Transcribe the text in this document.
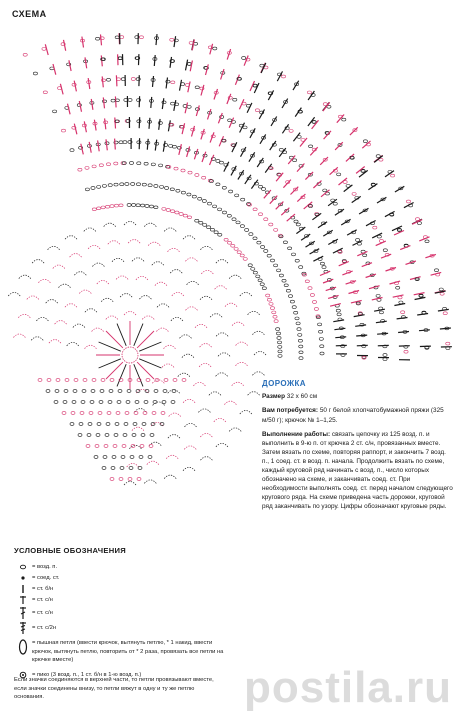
СХЕМА
ДОРОЖКА

Размер 32 х 60 см

Вам потребуется: 50 г белой хлопчатобумажной пряжи (325 м/50 г); крючок № 1–1,25.

Выполнение работы: связать цепочку из 125 возд. п. и выполнить в 9-ю п. от крючка 2 ст. с/н, провязанных вместе. Затем вязать по схеме, повторяя раппорт, и закончить 7 возд. п., 1 соед. ст. в возд. п. начала. Продолжить вязать по схеме, каждый круговой ряд начинать с возд. п., число которых обозначено на схеме, и заканчивать соед. ст. При необходимости выполнять соед. ст. перед началом следующего кругового ряда. На схеме приведена часть дорожки, круговой ряд заканчивать по узору. Цифры обозначают круговые ряды.

УСЛОВНЫЕ ОБОЗНАЧЕНИЯ
= возд. п.
= соед. ст.
= ст. б/н
= ст. с/н
= ст. с/н
= ст. с/2н
= пышная петля (ввести крючок, вытянуть петлю, * 1 накид, ввести крючок, вытянуть петлю, повторить от * 2 раза, провязать все петли на крючке вместе)
= пико (3 возд. п., 1 ст. б/н в 1-ю возд. п.)
Если значки соединяются в верхней части, то петли провязывают вместе, если значки соединены внизу, то петли вяжут в одну и ту же петлю основания.	postila.ru
